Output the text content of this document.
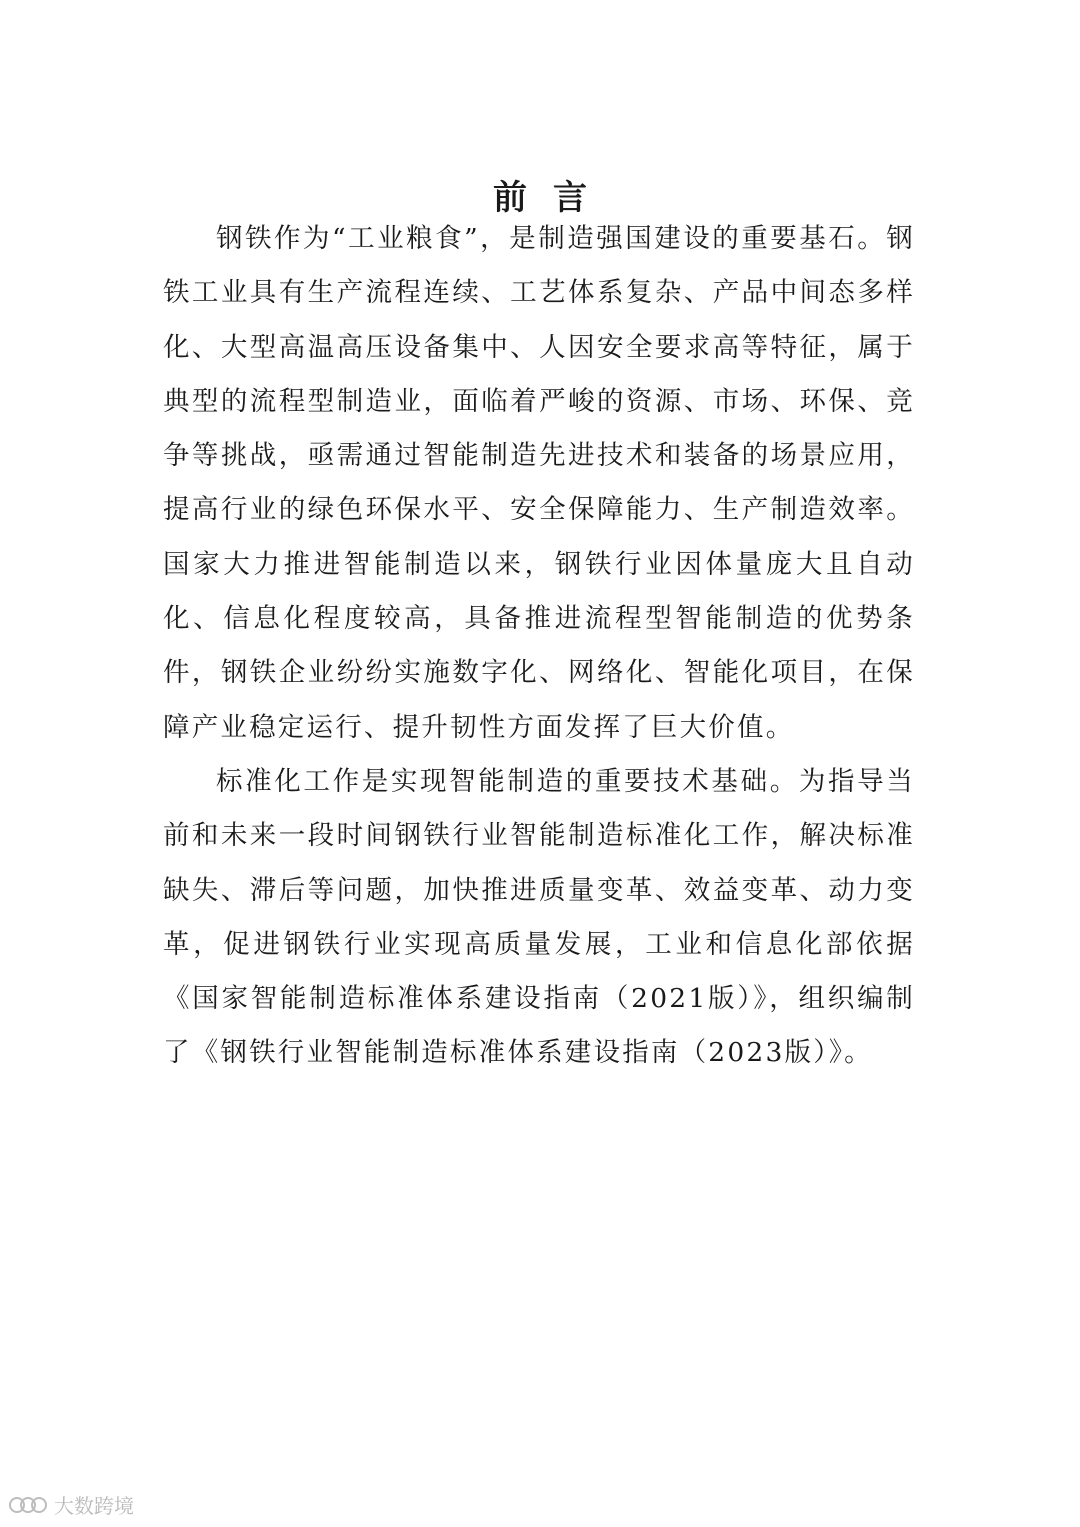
前言

钢铁作为“工业粮食”，是制造强国建设的重要基石。钢铁工业具有生产流程连续、工艺体系复杂、产品中间态多样化、大型高温高压设备集中、人因安全要求高等特征，属于典型的流程型制造业，面临着严峻的资源、市场、环保、竞争等挑战，亟需通过智能制造先进技术和装备的场景应用，提高行业的绿色环保水平、安全保障能力、生产制造效率。国家大力推进智能制造以来，钢铁行业因体量庞大且自动化、信息化程度较高，具备推进流程型智能制造的优势条件，钢铁企业纷纷实施数字化、网络化、智能化项目，在保障产业稳定运行、提升韧性方面发挥了巨大价值。

标准化工作是实现智能制造的重要技术基础。为指导当前和未来一段时间钢铁行业智能制造标准化工作，解决标准缺失、滞后等问题，加快推进质量变革、效益变革、动力变革，促进钢铁行业实现高质量发展，工业和信息化部依据《国家智能制造标准体系建设指南（2021版）》，组织编制了《钢铁行业智能制造标准体系建设指南（2023版）》。

大数跨境
